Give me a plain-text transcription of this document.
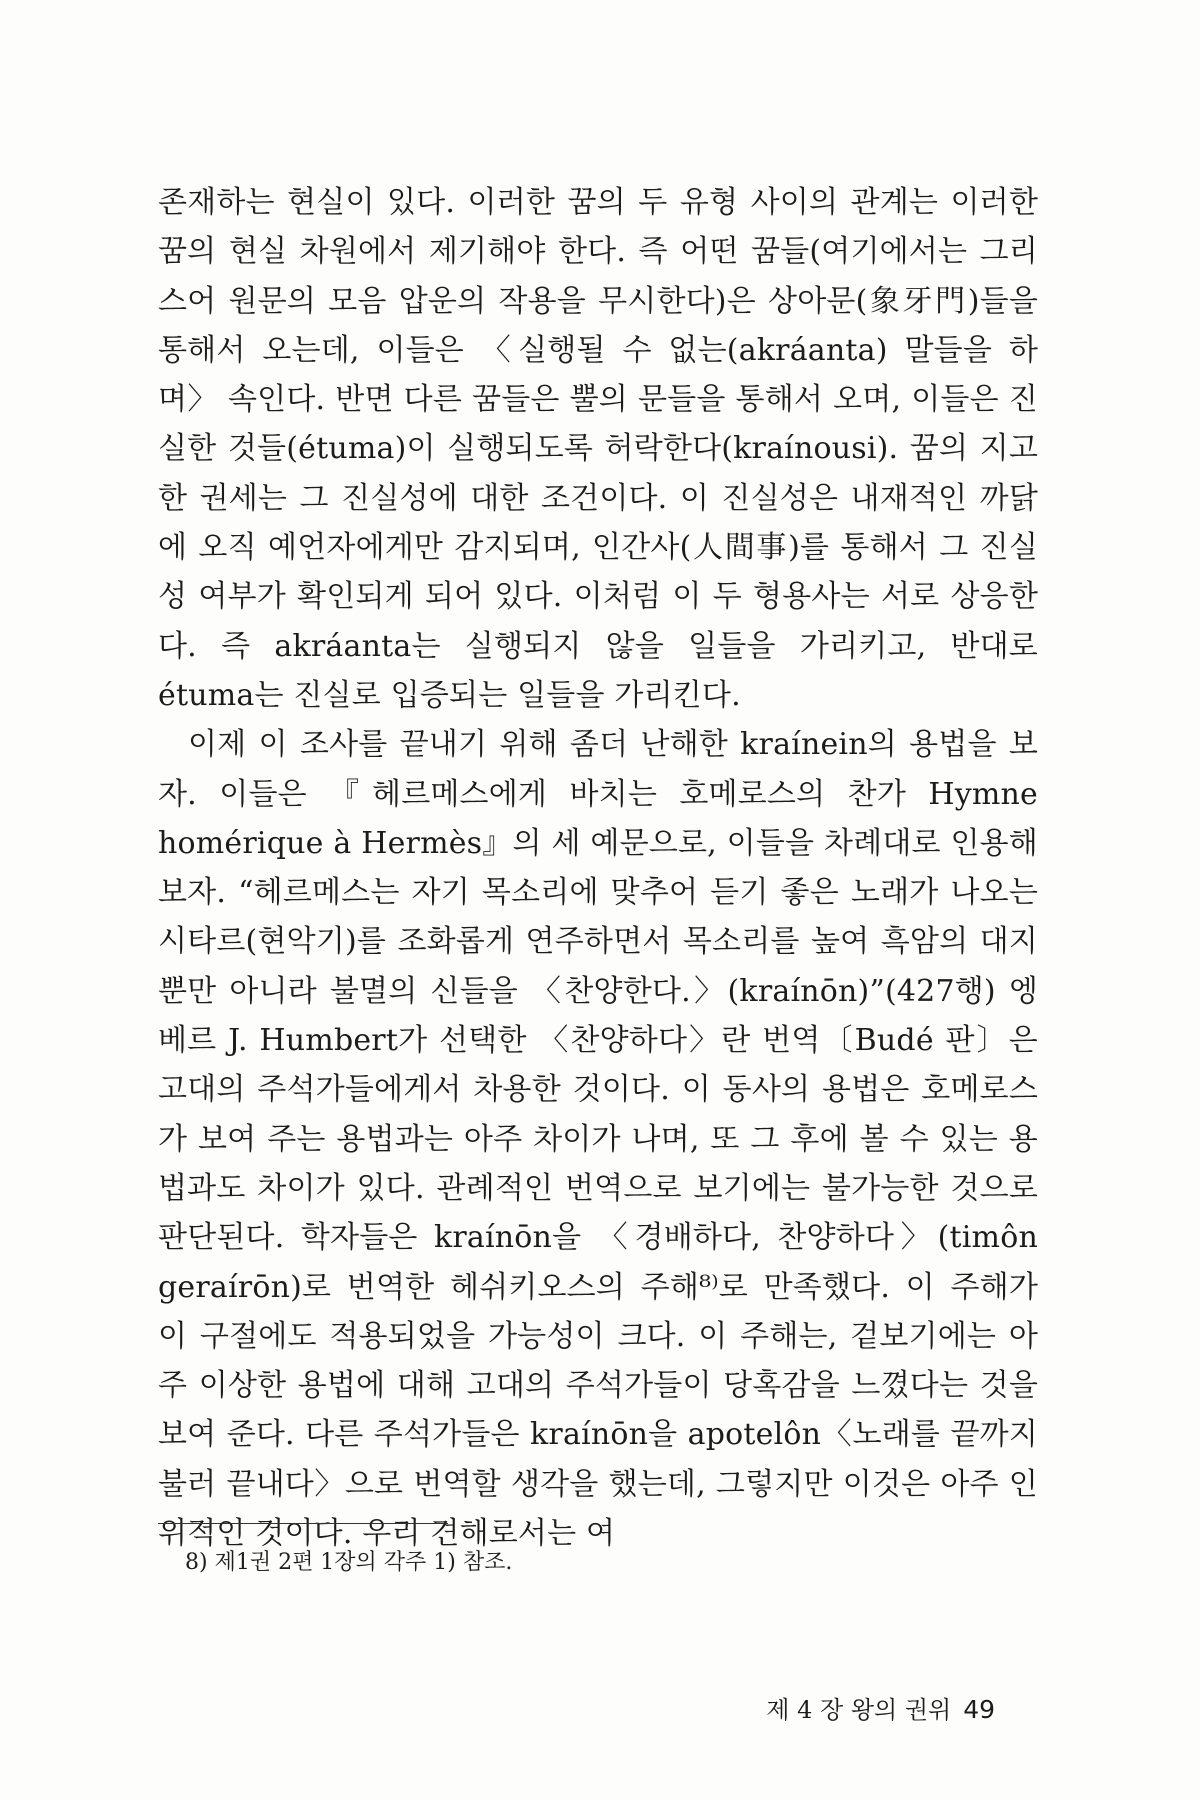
존재하는 현실이 있다. 이러한 꿈의 두 유형 사이의 관계는 이러한 꿈의 현실 차원에서 제기해야 한다. 즉 어떤 꿈들(여기에서는 그리스어 원문의 모음 압운의 작용을 무시한다)은 상아문(象牙門)들을 통해서 오는데, 이들은 〈실행될 수 없는(akráanta) 말들을 하며〉 속인다. 반면 다른 꿈들은 뿔의 문들을 통해서 오며, 이들은 진실한 것들(étuma)이 실행되도록 허락한다(kraínousi). 꿈의 지고한 권세는 그 진실성에 대한 조건이다. 이 진실성은 내재적인 까닭에 오직 예언자에게만 감지되며, 인간사(人間事)를 통해서 그 진실성 여부가 확인되게 되어 있다. 이처럼 이 두 형용사는 서로 상응한다. 즉 akráanta는 실행되지 않을 일들을 가리키고, 반대로 étuma는 진실로 입증되는 일들을 가리킨다.

이제 이 조사를 끝내기 위해 좀더 난해한 kraínein의 용법을 보자. 이들은 『헤르메스에게 바치는 호메로스의 찬가 Hymne homérique à Hermès』의 세 예문으로, 이들을 차례대로 인용해 보자. “헤르메스는 자기 목소리에 맞추어 듣기 좋은 노래가 나오는 시타르(현악기)를 조화롭게 연주하면서 목소리를 높여 흑암의 대지뿐만 아니라 불멸의 신들을 〈찬양한다.〉(kraínōn)”(427행) 엥베르 J. Humbert가 선택한 〈찬양하다〉란 번역〔Budé 판〕은 고대의 주석가들에게서 차용한 것이다. 이 동사의 용법은 호메로스가 보여 주는 용법과는 아주 차이가 나며, 또 그 후에 볼 수 있는 용법과도 차이가 있다. 관례적인 번역으로 보기에는 불가능한 것으로 판단된다. 학자들은 kraínōn을 〈경배하다, 찬양하다〉(timôn geraírōn)로 번역한 헤쉬키오스의 주해⁸⁾로 만족했다. 이 주해가 이 구절에도 적용되었을 가능성이 크다. 이 주해는, 겉보기에는 아주 이상한 용법에 대해 고대의 주석가들이 당혹감을 느꼈다는 것을 보여 준다. 다른 주석가들은 kraínōn을 apotelôn〈노래를 끝까지 불러 끝내다〉으로 번역할 생각을 했는데, 그렇지만 이것은 아주 인위적인 것이다. 우리 견해로서는 여

8) 제1권 2편 1장의 각주 1) 참조.
제 4 장 왕의 권위 49
